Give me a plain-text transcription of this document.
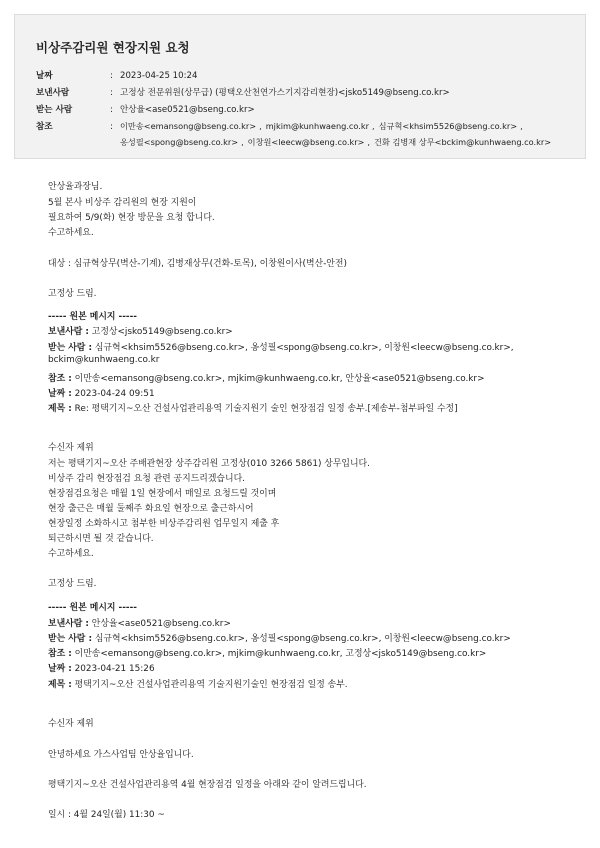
비상주감리원 현장지원 요청
날짜	: 2023-04-25 10:24
보낸사람	: 고정상 전문위원(상무급) (평택오산천연가스기지감리현장)<jsko5149@bseng.co.kr>
받는 사람	: 안상율<ase0521@bseng.co.kr>
참조	: 이만송<emansong@bseng.co.kr> , mjkim@kunhwaeng.co.kr , 심규혁<khsim5526@bseng.co.kr> ,
옹성필<spong@bseng.co.kr> , 이창원<leecw@bseng.co.kr> , 건화 김병재 상무<bckim@kunhwaeng.co.kr>
안상율과장님.
5월 본사 비상주 감리원의 현장 지원이
필요하여 5/9(화) 현장 방문을 요청 합니다.
수고하세요.
대상 : 심규혁상무(벽산-기계), 김병재상무(건화-토목), 이창원이사(벽산-안전)
고정상 드림.
----- 원본 메시지 -----
보낸사람 : 고정상<jsko5149@bseng.co.kr>
받는 사람 : 심규혁<khsim5526@bseng.co.kr>, 옹성필<spong@bseng.co.kr>, 이창원<leecw@bseng.co.kr>,
bckim@kunhwaeng.co.kr
참조 : 이만송<emansong@bseng.co.kr>, mjkim@kunhwaeng.co.kr, 안상율<ase0521@bseng.co.kr>
날짜 : 2023-04-24 09:51
제목 : Re: 평택기지~오산 건설사업관리용역 기술지원기 술인 현장점검 일정 송부.[제송부-첨부파일 수정]
수신자 제위
저는 평택기지~오산 주배관현장 상주감리원 고정상(010 3266 5861) 상무입니다.
비상주 감리 현장점검 요청 관련 공지드리겠습니다.
현장점검요청은 매월 1일 현장에서 매일로 요청드릴 것이며
현장 출근은 매월 둘째주 화요일 현장으로 출근하시어
현장일정 소화하시고 첨부한 비상주감리원 업무일지 제출 후
퇴근하시면 될 것 같습니다.
수고하세요.
고정상 드림.
----- 원본 메시지 -----
보낸사람 : 안상율<ase0521@bseng.co.kr>
받는 사람 : 심규혁<khsim5526@bseng.co.kr>, 옹성필<spong@bseng.co.kr>, 이창원<leecw@bseng.co.kr>
참조 : 이만송<emansong@bseng.co.kr>, mjkim@kunhwaeng.co.kr, 고정상<jsko5149@bseng.co.kr>
날짜 : 2023-04-21 15:26
제목 : 평택기지~오산 건설사업관리용역 기술지원기술인 현장점검 일정 송부.
수신자 제위
안녕하세요 가스사업팀 안상율입니다.
평택기지~오산 건설사업관리용역 4월 현장점검 일정을 아래와 같이 알려드립니다.
일시 : 4월 24일(월) 11:30 ~
